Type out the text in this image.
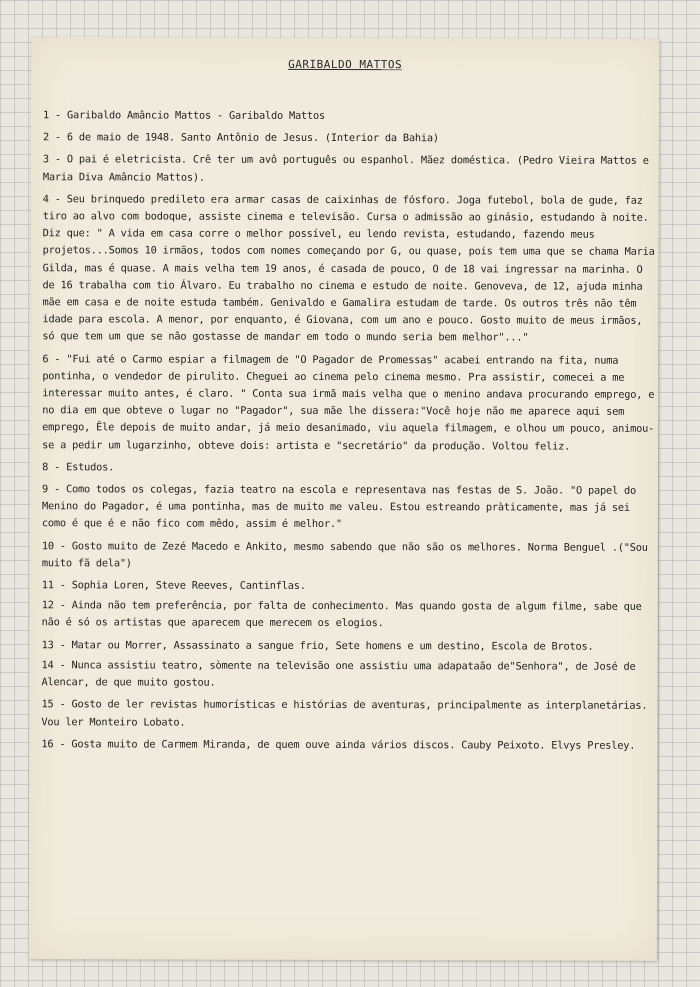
GARIBALDO MATTOS

1 - Garibaldo Amâncio Mattos - Garibaldo Mattos

2 - 6 de maio de 1948. Santo Antônio de Jesus. (Interior da Bahia)

3 - O pai é eletricista. Crê ter um avô português ou espanhol. Mãez doméstica. (Pedro Vieira Mattos e Maria Diva Amâncio Mattos).

4 - Seu brinquedo predileto era armar casas de caixinhas de fósforo. Joga futebol, bola de gude, faz tiro ao alvo com bodoque, assiste cinema e televisão. Cursa o admissão ao ginásio, estudando à noite. Diz que: " A vida em casa corre o melhor possível, eu lendo revista, estudando, fazendo meus projetos...Somos 10 irmãos, todos com nomes começando por G, ou quase, pois tem uma que se chama Maria Gilda, mas é quase. A mais velha tem 19 anos, é casada de pouco, O de 18 vai ingressar na marinha. O de 16 trabalha com tio Álvaro. Eu trabalho no cinema e estudo de noite. Genoveva, de 12, ajuda minha mãe em casa e de noite estuda também. Genivaldo e Gamalira estudam de tarde. Os outros três não têm idade para escola. A menor, por enquanto, é Giovana, com um ano e pouco. Gosto muito de meus irmãos, só que tem um que se não gostasse de mandar em todo o mundo seria bem melhor"..."

6 - "Fui até o Carmo espiar a filmagem de "O Pagador de Promessas" acabei entrando na fita, numa pontinha, o vendedor de pirulito. Cheguei ao cinema pelo cinema mesmo. Pra assistir, comecei a me interessar muito antes, é claro. " Conta sua irmã mais velha que o menino andava procurando emprego, e no dia em que obteve o lugar no "Pagador", sua mãe lhe dissera:"Você hoje não me aparece aqui sem emprego, Êle depois de muito andar, já meio desanimado, viu aquela filmagem, e olhou um pouco, animou-se a pedir um lugarzinho, obteve dois: artista e "secretário" da produção. Voltou feliz.

8 - Estudos.

9 - Como todos os colegas, fazia teatro na escola e representava nas festas de S. João. "O papel do Menino do Pagador, é uma pontinha, mas de muito me valeu. Estou estreando pràticamente, mas já sei como é que é e não fico com mêdo, assim é melhor."

10 - Gosto muito de Zezé Macedo e Ankito, mesmo sabendo que não são os melhores. Norma Benguel .("Sou muito fã dela")

11 - Sophia Loren, Steve Reeves, Cantinflas.

12 - Ainda não tem preferência, por falta de conhecimento. Mas quando gosta de algum filme, sabe que não é só os artistas que aparecem que merecem os elogios.

13 - Matar ou Morrer, Assassinato a sangue frio, Sete homens e um destino, Escola de Brotos.

14 - Nunca assistiu teatro, sòmente na televisão one assistiu uma adapataão de"Senhora", de José de Alencar, de que muito gostou.

15 - Gosto de ler revistas humorísticas e histórias de aventuras, principalmente as interplanetárias. Vou ler Monteiro Lobato.

16 - Gosta muito de Carmem Miranda, de quem ouve ainda vários discos. Cauby Peixoto. Elvys Presley.
